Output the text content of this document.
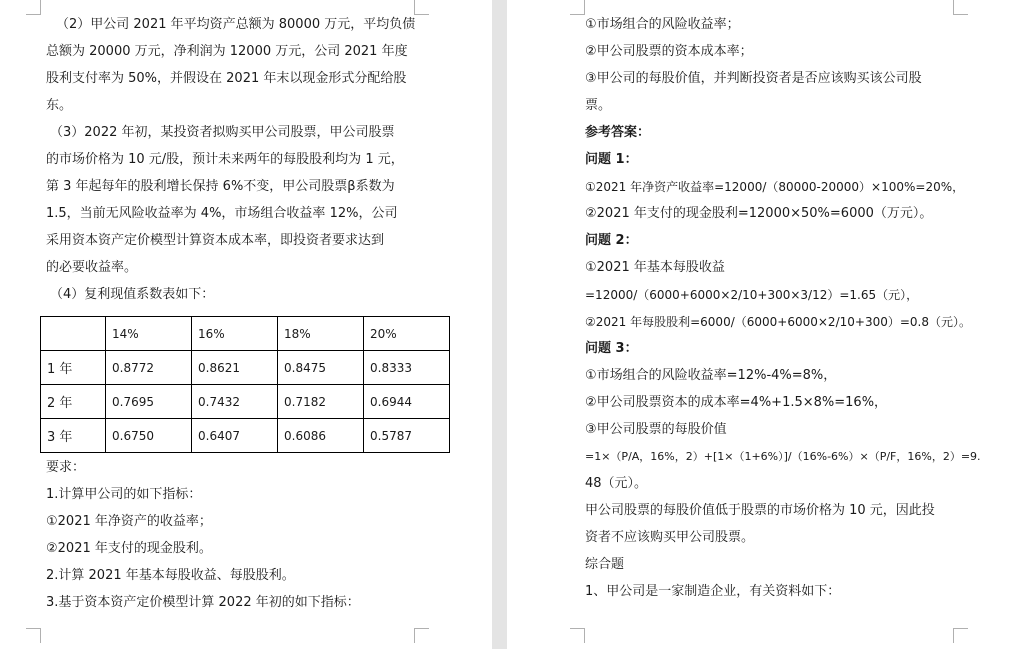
（2）甲公司 2021 年平均资产总额为 80000 万元，平均负债
总额为 20000 万元，净利润为 12000 万元，公司 2021 年度
股利支付率为 50%，并假设在 2021 年末以现金形式分配给股
东。
（3）2022 年初，某投资者拟购买甲公司股票，甲公司股票
的市场价格为 10 元/股，预计未来两年的每股股利均为 1 元，
第 3 年起每年的股利增长保持 6%不变，甲公司股票β系数为
1.5，当前无风险收益率为 4%，市场组合收益率 12%，公司
采用资本资产定价模型计算资本成本率，即投资者要求达到
的必要收益率。
（4）复利现值系数表如下：
	14%	16%	18%	20%
1 年	0.8772	0.8621	0.8475	0.8333
2 年	0.7695	0.7432	0.7182	0.6944
3 年	0.6750	0.6407	0.6086	0.5787
要求：
1.计算甲公司的如下指标：
①2021 年净资产的收益率；
②2021 年支付的现金股利。
2.计算 2021 年基本每股收益、每股股利。
3.基于资本资产定价模型计算 2022 年初的如下指标：
①市场组合的风险收益率；
②甲公司股票的资本成本率；
③甲公司的每股价值，并判断投资者是否应该购买该公司股
票。
参考答案：
问题 1：
①2021 年净资产收益率=12000/（80000-20000）×100%=20%，
②2021 年支付的现金股利=12000×50%=6000（万元）。
问题 2：
①2021 年基本每股收益
=12000/（6000+6000×2/10+300×3/12）=1.65（元），
②2021 年每股股利=6000/（6000+6000×2/10+300）=0.8（元）。
问题 3：
①市场组合的风险收益率=12%-4%=8%，
②甲公司股票资本的成本率=4%+1.5×8%=16%，
③甲公司股票的每股价值
=1×（P/A，16%，2）+[1×（1+6%）]/（16%-6%）×（P/F，16%，2）=9.
48（元）。
甲公司股票的每股价值低于股票的市场价格为 10 元，因此投
资者不应该购买甲公司股票。
综合题
1、甲公司是一家制造企业，有关资料如下：
